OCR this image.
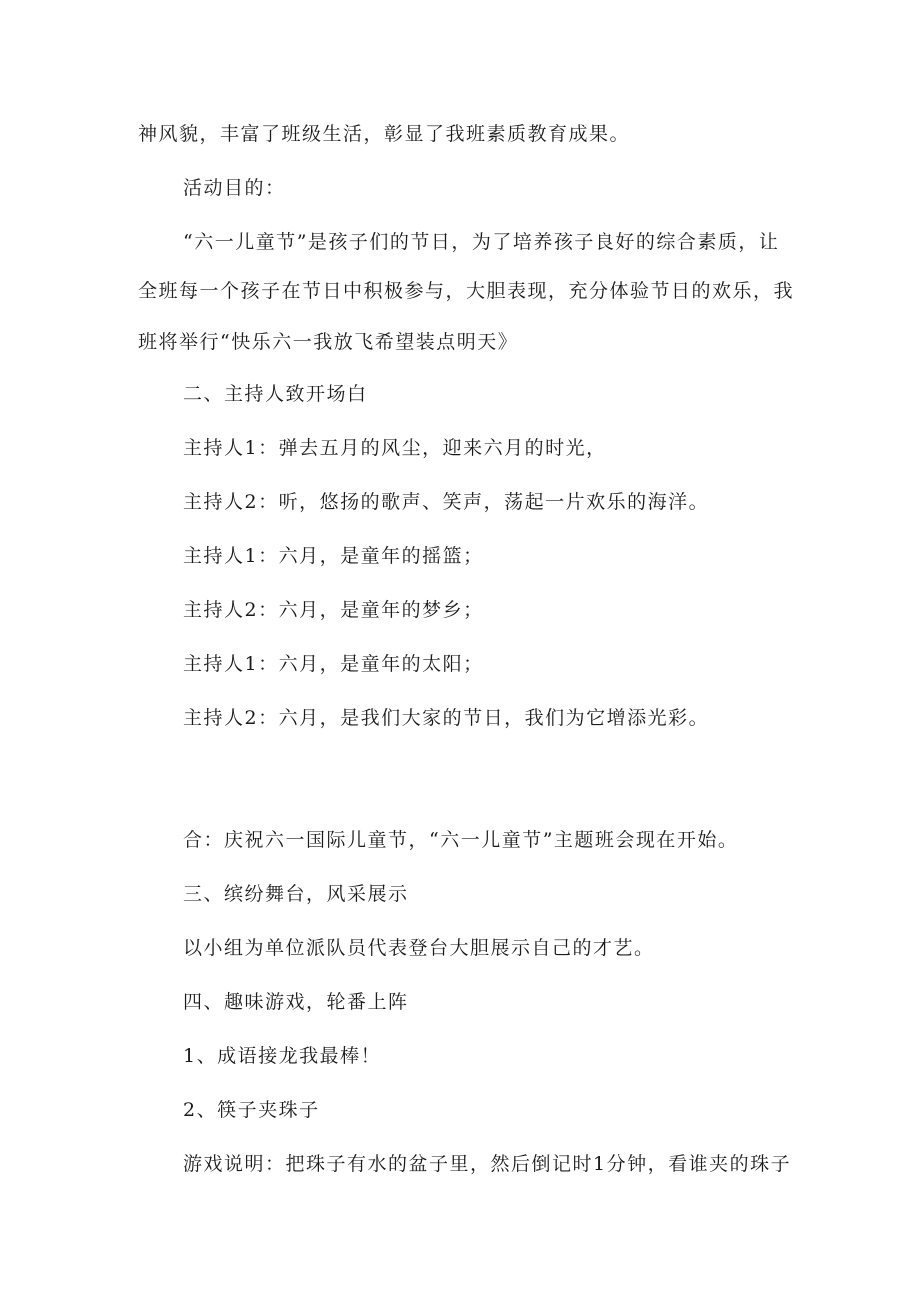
神风貌，丰富了班级生活，彰显了我班素质教育成果。
活动目的：
“六一儿童节”是孩子们的节日，为了培养孩子良好的综合素质，让
全班每一个孩子在节日中积极参与，大胆表现，充分体验节日的欢乐，我
班将举行“快乐六一我放飞希望装点明天》
二、主持人致开场白
主持人1：弹去五月的风尘，迎来六月的时光，
主持人2：听，悠扬的歌声、笑声，荡起一片欢乐的海洋。
主持人1：六月，是童年的摇篮；
主持人2：六月，是童年的梦乡；
主持人1：六月，是童年的太阳；
主持人2：六月，是我们大家的节日，我们为它增添光彩。
合：庆祝六一国际儿童节，“六一儿童节”主题班会现在开始。
三、缤纷舞台，风采展示
以小组为单位派队员代表登台大胆展示自己的才艺。
四、趣味游戏，轮番上阵
1、成语接龙我最棒！
2、筷子夹珠子
游戏说明：把珠子有水的盆子里，然后倒记时1分钟，看谁夹的珠子
